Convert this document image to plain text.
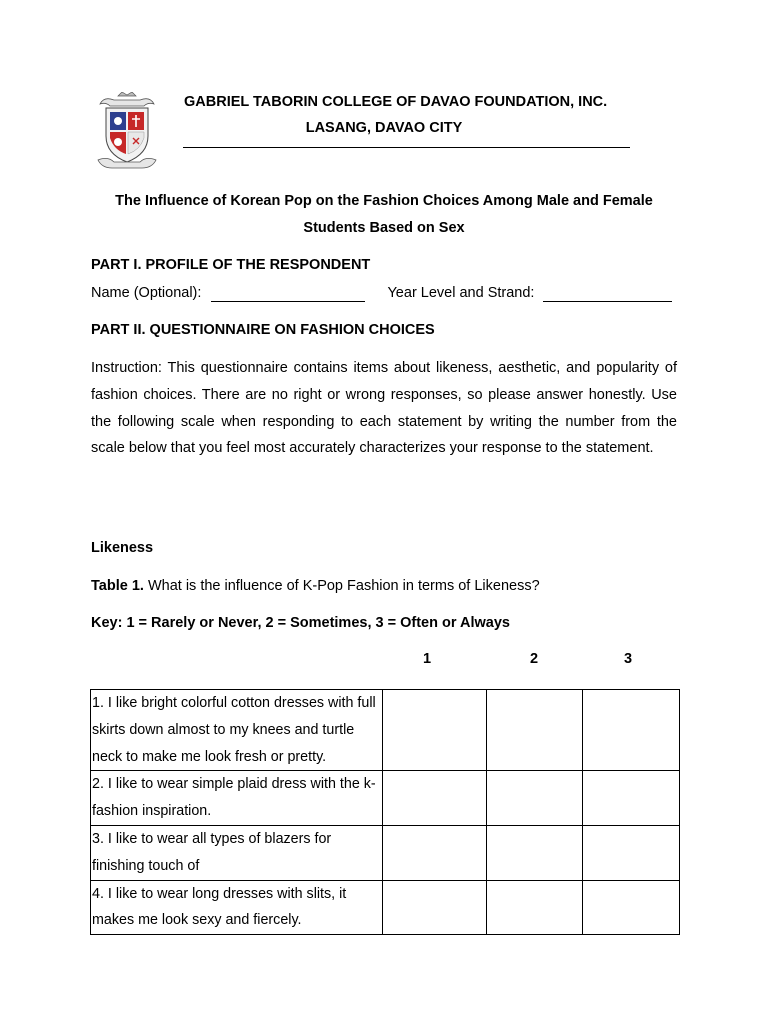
GABRIEL TABORIN COLLEGE OF DAVAO FOUNDATION, INC.
LASANG, DAVAO CITY
The Influence of Korean Pop on the Fashion Choices Among Male and Female
Students Based on Sex
PART I. PROFILE OF THE RESPONDENT
Name (Optional):	Year Level and Strand:
PART II. QUESTIONNAIRE ON FASHION CHOICES
Instruction: This questionnaire contains items about likeness, aesthetic, and popularity of fashion choices. There are no right or wrong responses, so please answer honestly. Use the following scale when responding to each statement by writing the number from the scale below that you feel most accurately characterizes your response to the statement.
Likeness
Table 1. What is the influence of K-Pop Fashion in terms of Likeness?
Key: 1 = Rarely or Never, 2 = Sometimes, 3 = Often or Always
1	2	3
1. I like bright colorful cotton dresses with full skirts down almost to my knees and turtle neck to make me look fresh or pretty.			
2. I like to wear simple plaid dress with the k-fashion inspiration.			
3. I like to wear all types of blazers for finishing touch of			
4. I like to wear long dresses with slits, it makes me look sexy and fiercely.			
